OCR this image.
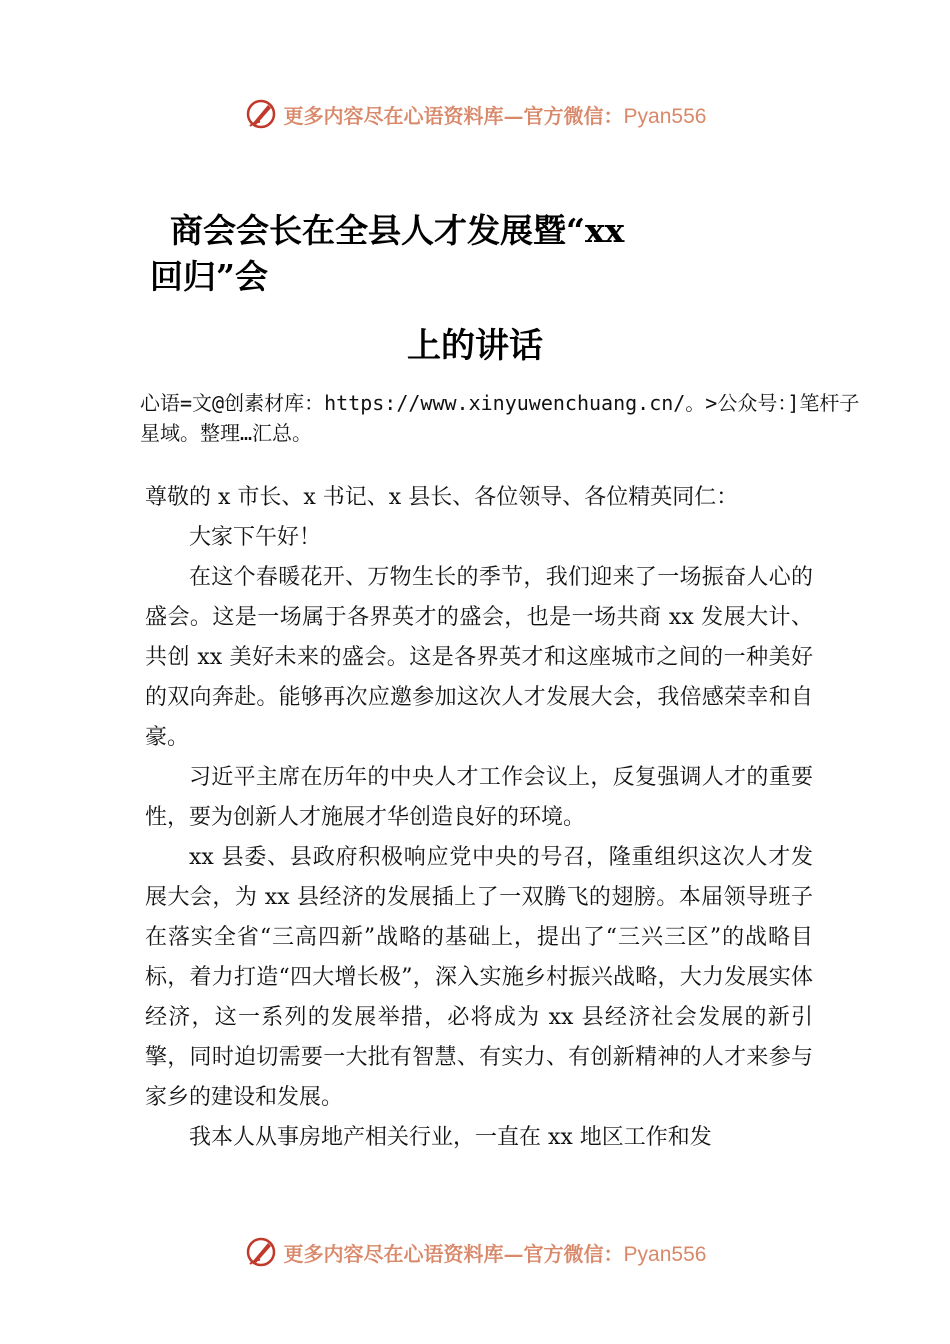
更多内容尽在心语资料库—官方微信：Pyan556
商会会长在全县人才发展暨“xx
回归”会
上的讲话
心语=文@创素材库：https://www.xinyuwenchuang.cn/。>公众号：]笔杆子星域。整理…汇总。

尊敬的 x 市长、x 书记、x 县长、各位领导、各位精英同仁：

大家下午好！

在这个春暖花开、万物生长的季节，我们迎来了一场振奋人心的盛会。这是一场属于各界英才的盛会，也是一场共商 xx 发展大计、共创 xx 美好未来的盛会。这是各界英才和这座城市之间的一种美好的双向奔赴。能够再次应邀参加这次人才发展大会，我倍感荣幸和自豪。

习近平主席在历年的中央人才工作会议上，反复强调人才的重要性，要为创新人才施展才华创造良好的环境。

xx 县委、县政府积极响应党中央的号召，隆重组织这次人才发展大会，为 xx 县经济的发展插上了一双腾飞的翅膀。本届领导班子在落实全省“三高四新”战略的基础上，提出了“三兴三区”的战略目标，着力打造“四大增长极”，深入实施乡村振兴战略，大力发展实体经济，这一系列的发展举措，必将成为 xx 县经济社会发展的新引擎，同时迫切需要一大批有智慧、有实力、有创新精神的人才来参与家乡的建设和发展。

我本人从事房地产相关行业，一直在 xx 地区工作和发

更多内容尽在心语资料库—官方微信：Pyan556
